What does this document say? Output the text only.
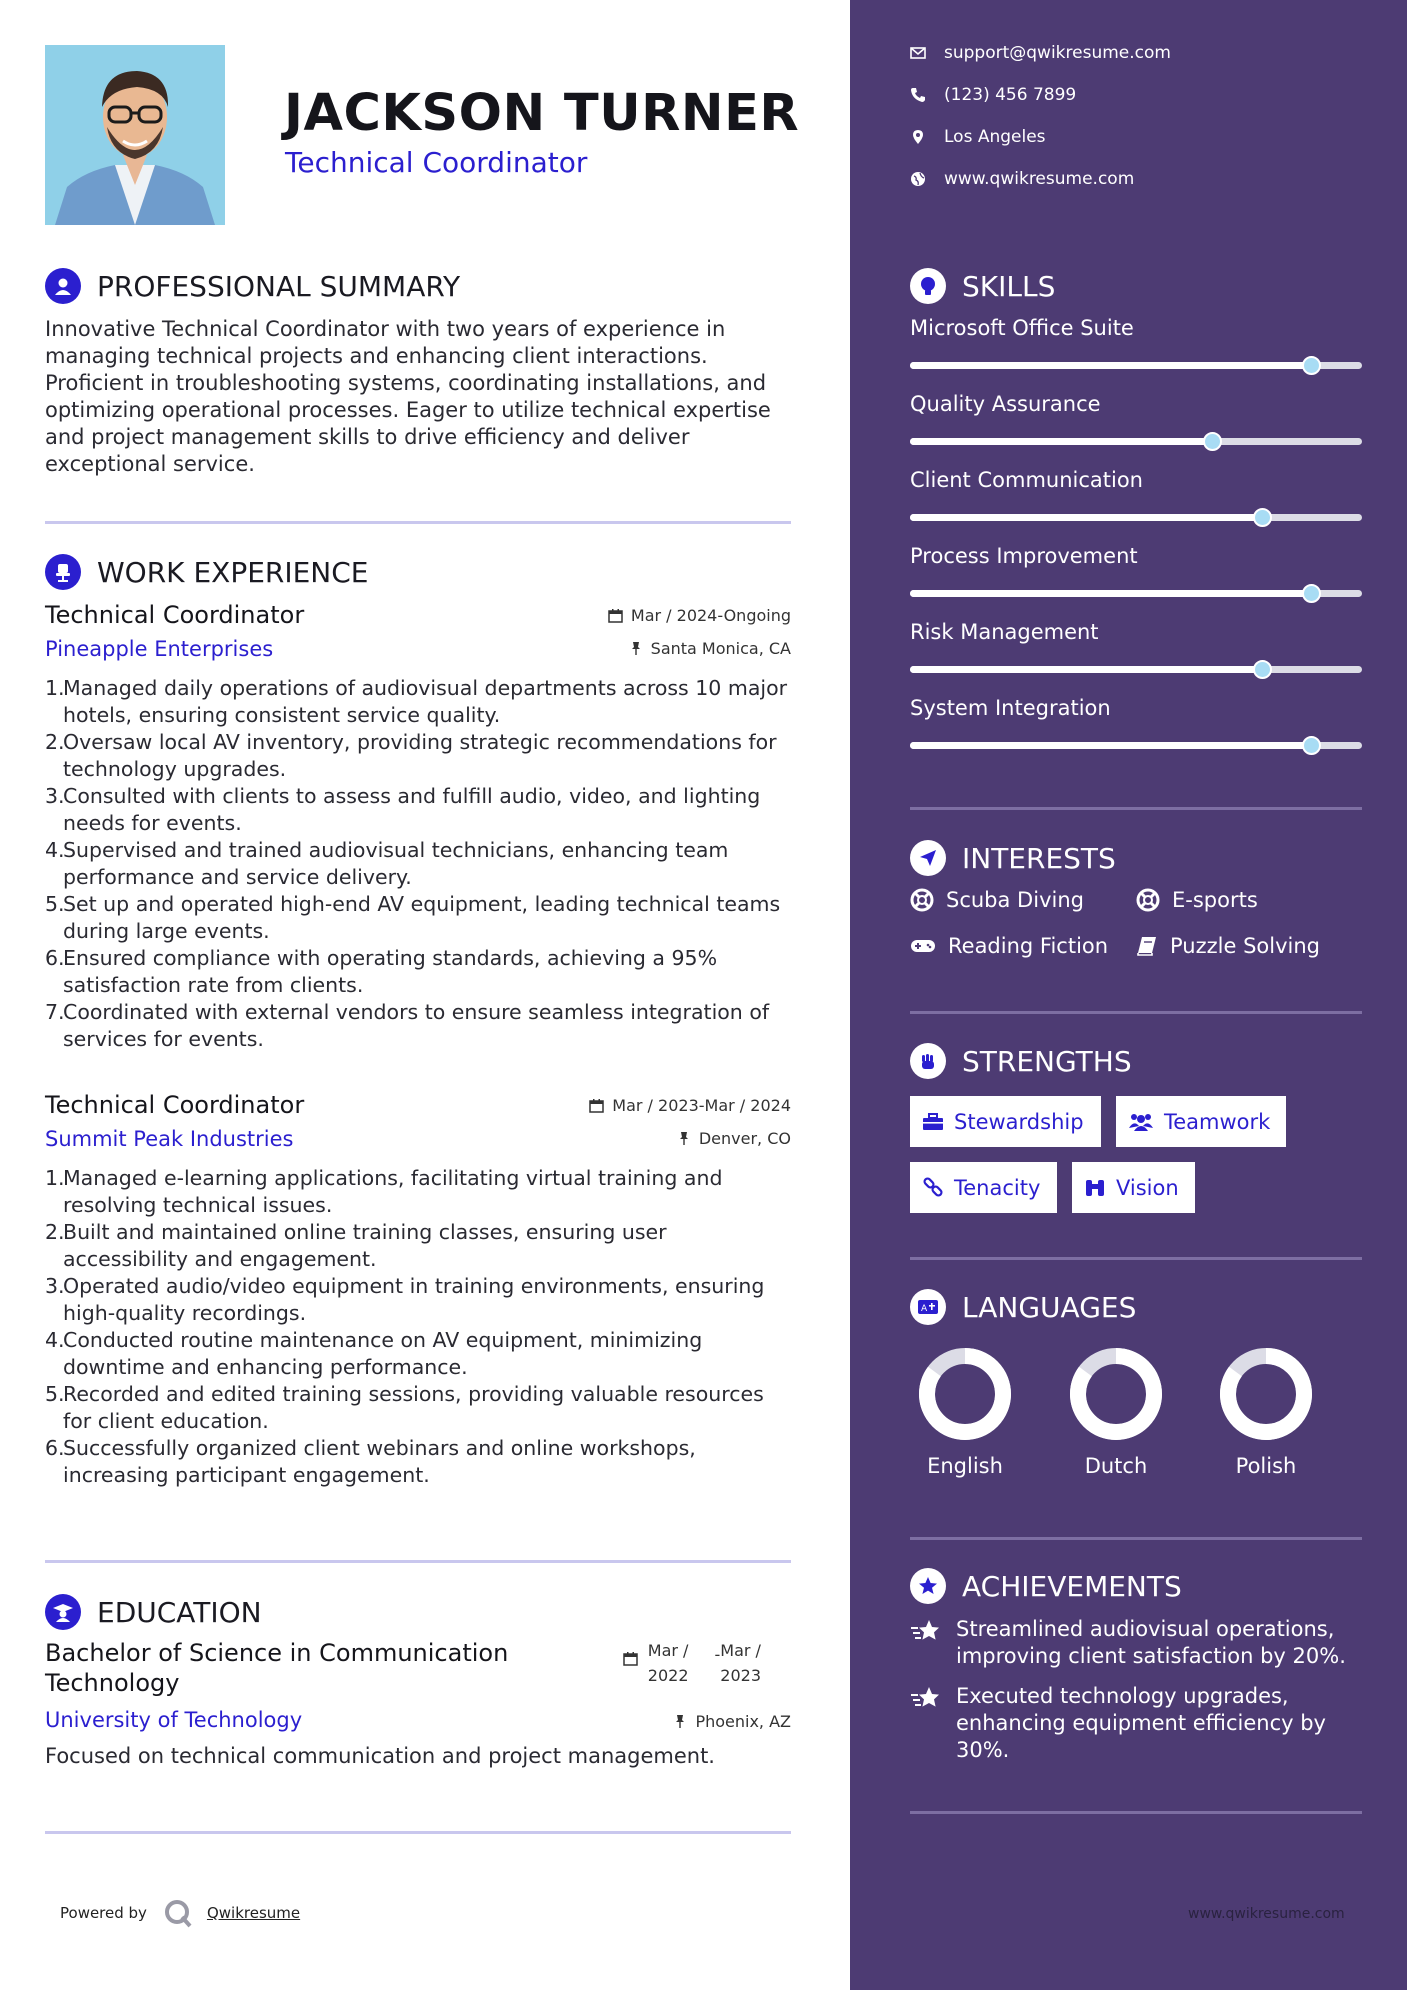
JACKSON TURNER
Technical Coordinator
PROFESSIONAL SUMMARY
Innovative Technical Coordinator with two years of experience in managing technical projects and enhancing client interactions. Proficient in troubleshooting systems, coordinating installations, and optimizing operational processes. Eager to utilize technical expertise and project management skills to drive efficiency and deliver exceptional service.
WORK EXPERIENCE
Technical Coordinator	Mar / 2024-Ongoing
Pineapple Enterprises	Santa Monica, CA
1.
Managed daily operations of audiovisual departments across 10 major hotels, ensuring consistent service quality.
2.
Oversaw local AV inventory, providing strategic recommendations for technology upgrades.
3.
Consulted with clients to assess and fulfill audio, video, and lighting needs for events.
4.
Supervised and trained audiovisual technicians, enhancing team performance and service delivery.
5.
Set up and operated high-end AV equipment, leading technical teams during large events.
6.
Ensured compliance with operating standards, achieving a 95% satisfaction rate from clients.
7.
Coordinated with external vendors to ensure seamless integration of services for events.
Technical Coordinator	Mar / 2023-Mar / 2024
Summit Peak Industries	Denver, CO
1.
Managed e-learning applications, facilitating virtual training and resolving technical issues.
2.
Built and maintained online training classes, ensuring user accessibility and engagement.
3.
Operated audio/video equipment in training environments, ensuring high-quality recordings.
4.
Conducted routine maintenance on AV equipment, minimizing downtime and enhancing performance.
5.
Recorded and edited training sessions, providing valuable resources for client education.
6.
Successfully organized client webinars and online workshops, increasing participant engagement.
EDUCATION
Bachelor of Science in Communication Technology
Mar /
2022
- Mar /
2023
University of Technology	Phoenix, AZ
Focused on technical communication and project management.
Powered by	Qwikresume
support@qwikresume.com
(123) 456 7899
Los Angeles
www.qwikresume.com
SKILLS
Microsoft Office Suite
Quality Assurance
Client Communication
Process Improvement
Risk Management
System Integration
INTERESTS
Scuba Diving	E-sports
Reading Fiction	Puzzle Solving
STRENGTHS
Stewardship	Teamwork
Tenacity	Vision
A LANGUAGES
English	Dutch	Polish
ACHIEVEMENTS
Streamlined audiovisual operations, improving client satisfaction by 20%.
Executed technology upgrades, enhancing equipment efficiency by 30%.
www.qwikresume.com
